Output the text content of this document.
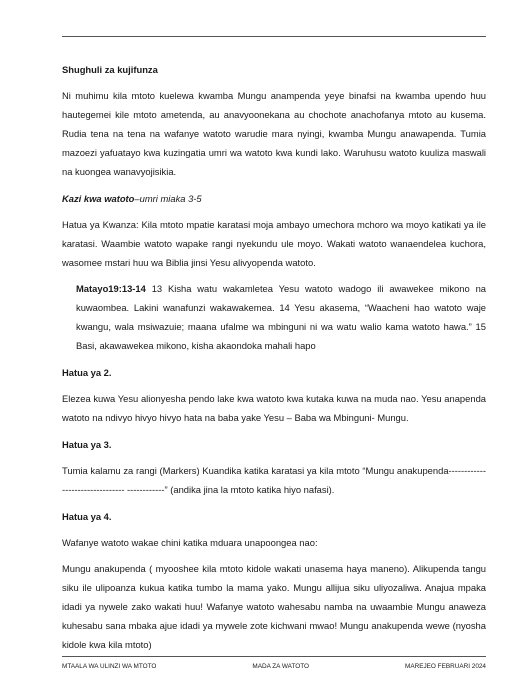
Shughuli za kujifunza

Ni muhimu kila mtoto kuelewa kwamba Mungu anampenda yeye binafsi na kwamba upendo huu hautegemei kile mtoto ametenda, au anavyoonekana au chochote anachofanya mtoto au kusema. Rudia tena na tena na wafanye watoto warudie mara nyingi, kwamba Mungu anawapenda. Tumia mazoezi yafuatayo kwa kuzingatia umri wa watoto kwa kundi lako. Waruhusu watoto kuuliza maswali na kuongea wanavyojisikia.

Kazi kwa watoto–umri miaka 3-5

Hatua ya Kwanza: Kila mtoto mpatie karatasi moja ambayo umechora mchoro wa moyo katikati ya ile karatasi. Waambie watoto wapake rangi nyekundu ule moyo. Wakati watoto wanaendelea kuchora, wasomee mstari huu wa Biblia jinsi Yesu alivyopenda watoto.

Matayo19:13-14 13 Kisha watu wakamletea Yesu watoto wadogo ili awawekee mikono na kuwaombea. Lakini wanafunzi wakawakemea. 14 Yesu akasema, “Waacheni hao watoto waje kwangu, wala msiwazuie; maana ufalme wa mbinguni ni wa watu walio kama watoto hawa.” 15 Basi, akawawekea mikono, kisha akaondoka mahali hapo

Hatua ya 2.

Elezea kuwa Yesu alionyesha pendo lake kwa watoto kwa kutaka kuwa na muda nao. Yesu anapenda watoto na ndivyo hivyo hivyo hata na baba yake Yesu – Baba wa Mbinguni- Mungu.

Hatua ya 3.

Tumia kalamu za rangi (Markers) Kuandika katika karatasi ya kila mtoto “Mungu anakupenda-------------------------------- ------------” (andika jina la mtoto katika hiyo nafasi).

Hatua ya 4.

Wafanye watoto wakae chini katika mduara unapoongea nao:

Mungu anakupenda ( myooshee kila mtoto kidole wakati unasema haya maneno). Alikupenda tangu siku ile ulipoanza kukua katika tumbo la mama yako. Mungu allijua siku uliyozaliwa. Anajua mpaka idadi ya nywele zako wakati huu! Wafanye watoto wahesabu namba na uwaambie Mungu anaweza kuhesabu sana mbaka ajue idadi ya mywele zote kichwani mwao! Mungu anakupenda wewe (nyosha kidole kwa kila mtoto)

MTAALA WA ULINZI WA MTOTO	MADA ZA WATOTO	MAREJEO FEBRUARI 2024
